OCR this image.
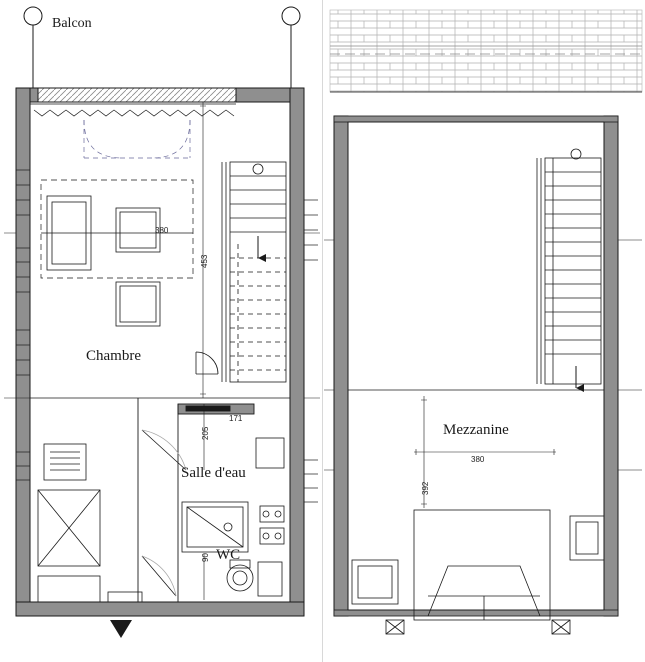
Balcon
Chambre
Salle d'eau
WC
Mezzanine
380
453
171
205
90
380
392
